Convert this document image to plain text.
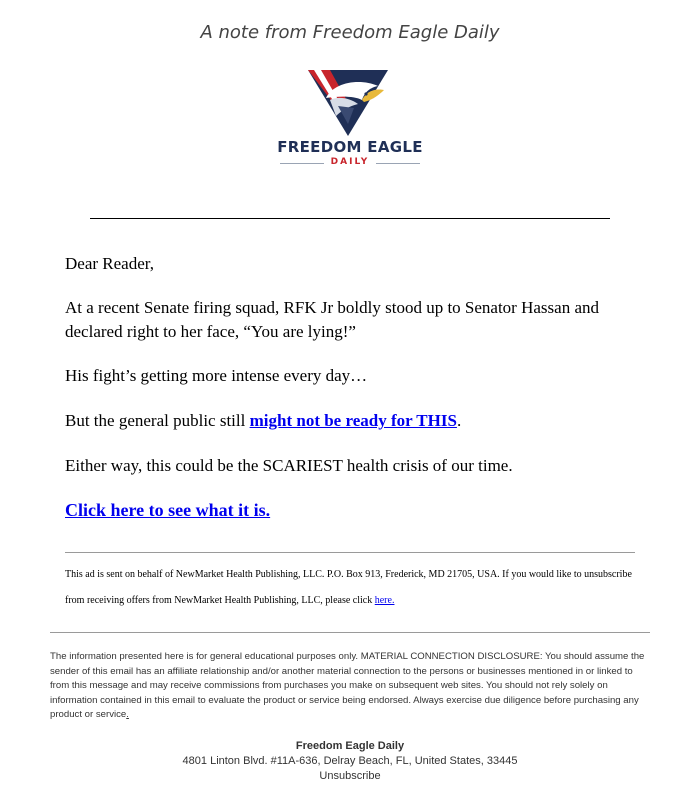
A note from Freedom Eagle Daily
FREEDOM EAGLE
DAILY

Dear Reader,

At a recent Senate firing squad, RFK Jr boldly stood up to Senator Hassan and declared right to her face, “You are lying!”

His fight’s getting more intense every day…

But the general public still might not be ready for THIS.

Either way, this could be the SCARIEST health crisis of our time.

Click here to see what it is.

This ad is sent on behalf of NewMarket Health Publishing, LLC. P.O. Box 913, Frederick, MD 21705, USA. If you would like to unsubscribe from receiving offers from NewMarket Health Publishing, LLC, please click here.

The information presented here is for general educational purposes only. MATERIAL CONNECTION DISCLOSURE: You should assume the sender of this email has an affiliate relationship and/or another material connection to the persons or businesses mentioned in or linked to from this message and may receive commissions from purchases you make on subsequent web sites. You should not rely solely on information contained in this email to evaluate the product or service being endorsed. Always exercise due diligence before purchasing any product or service.

Freedom Eagle Daily
4801 Linton Blvd. #11A-636, Delray Beach, FL, United States, 33445
Unsubscribe
